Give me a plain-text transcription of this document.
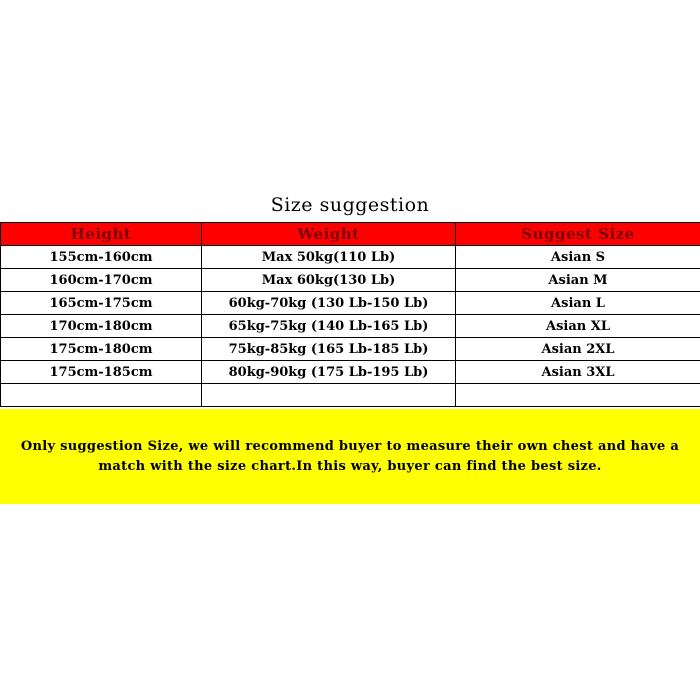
Size suggestion
Height	Weight	Suggest Size
155cm-160cm	Max 50kg(110 Lb)	Asian S
160cm-170cm	Max 60kg(130 Lb)	Asian M
165cm-175cm	60kg-70kg (130 Lb-150 Lb)	Asian L
170cm-180cm	65kg-75kg (140 Lb-165 Lb)	Asian XL
175cm-180cm	75kg-85kg (165 Lb-185 Lb)	Asian 2XL
175cm-185cm	80kg-90kg (175 Lb-195 Lb)	Asian 3XL

Only suggestion Size, we will recommend buyer to measure their own chest and have a match with the size chart.In this way, buyer can find the best size.
